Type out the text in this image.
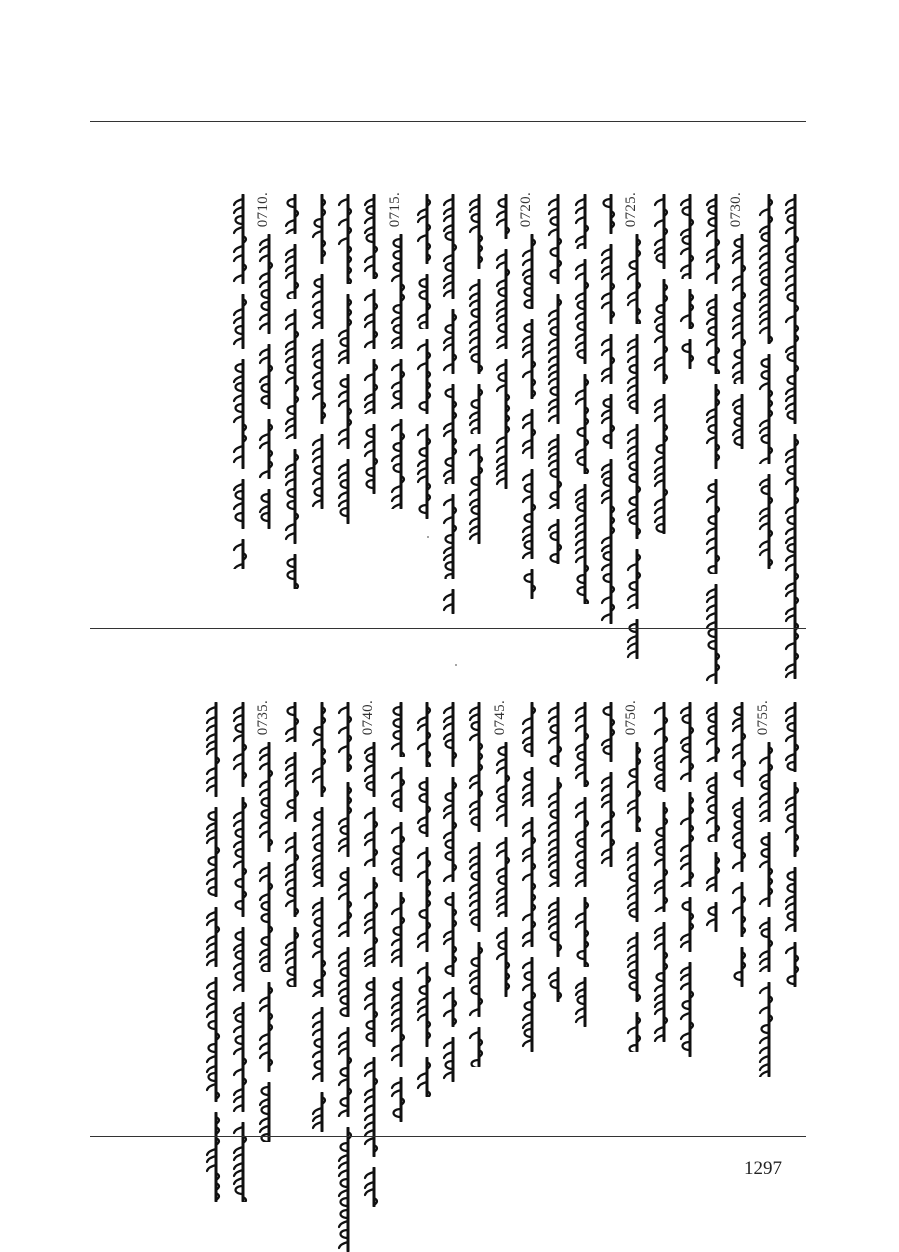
0730.
0725.
0720.
0715.
0710.
0755.
0750.
0745.
0740.
0735.
1297
